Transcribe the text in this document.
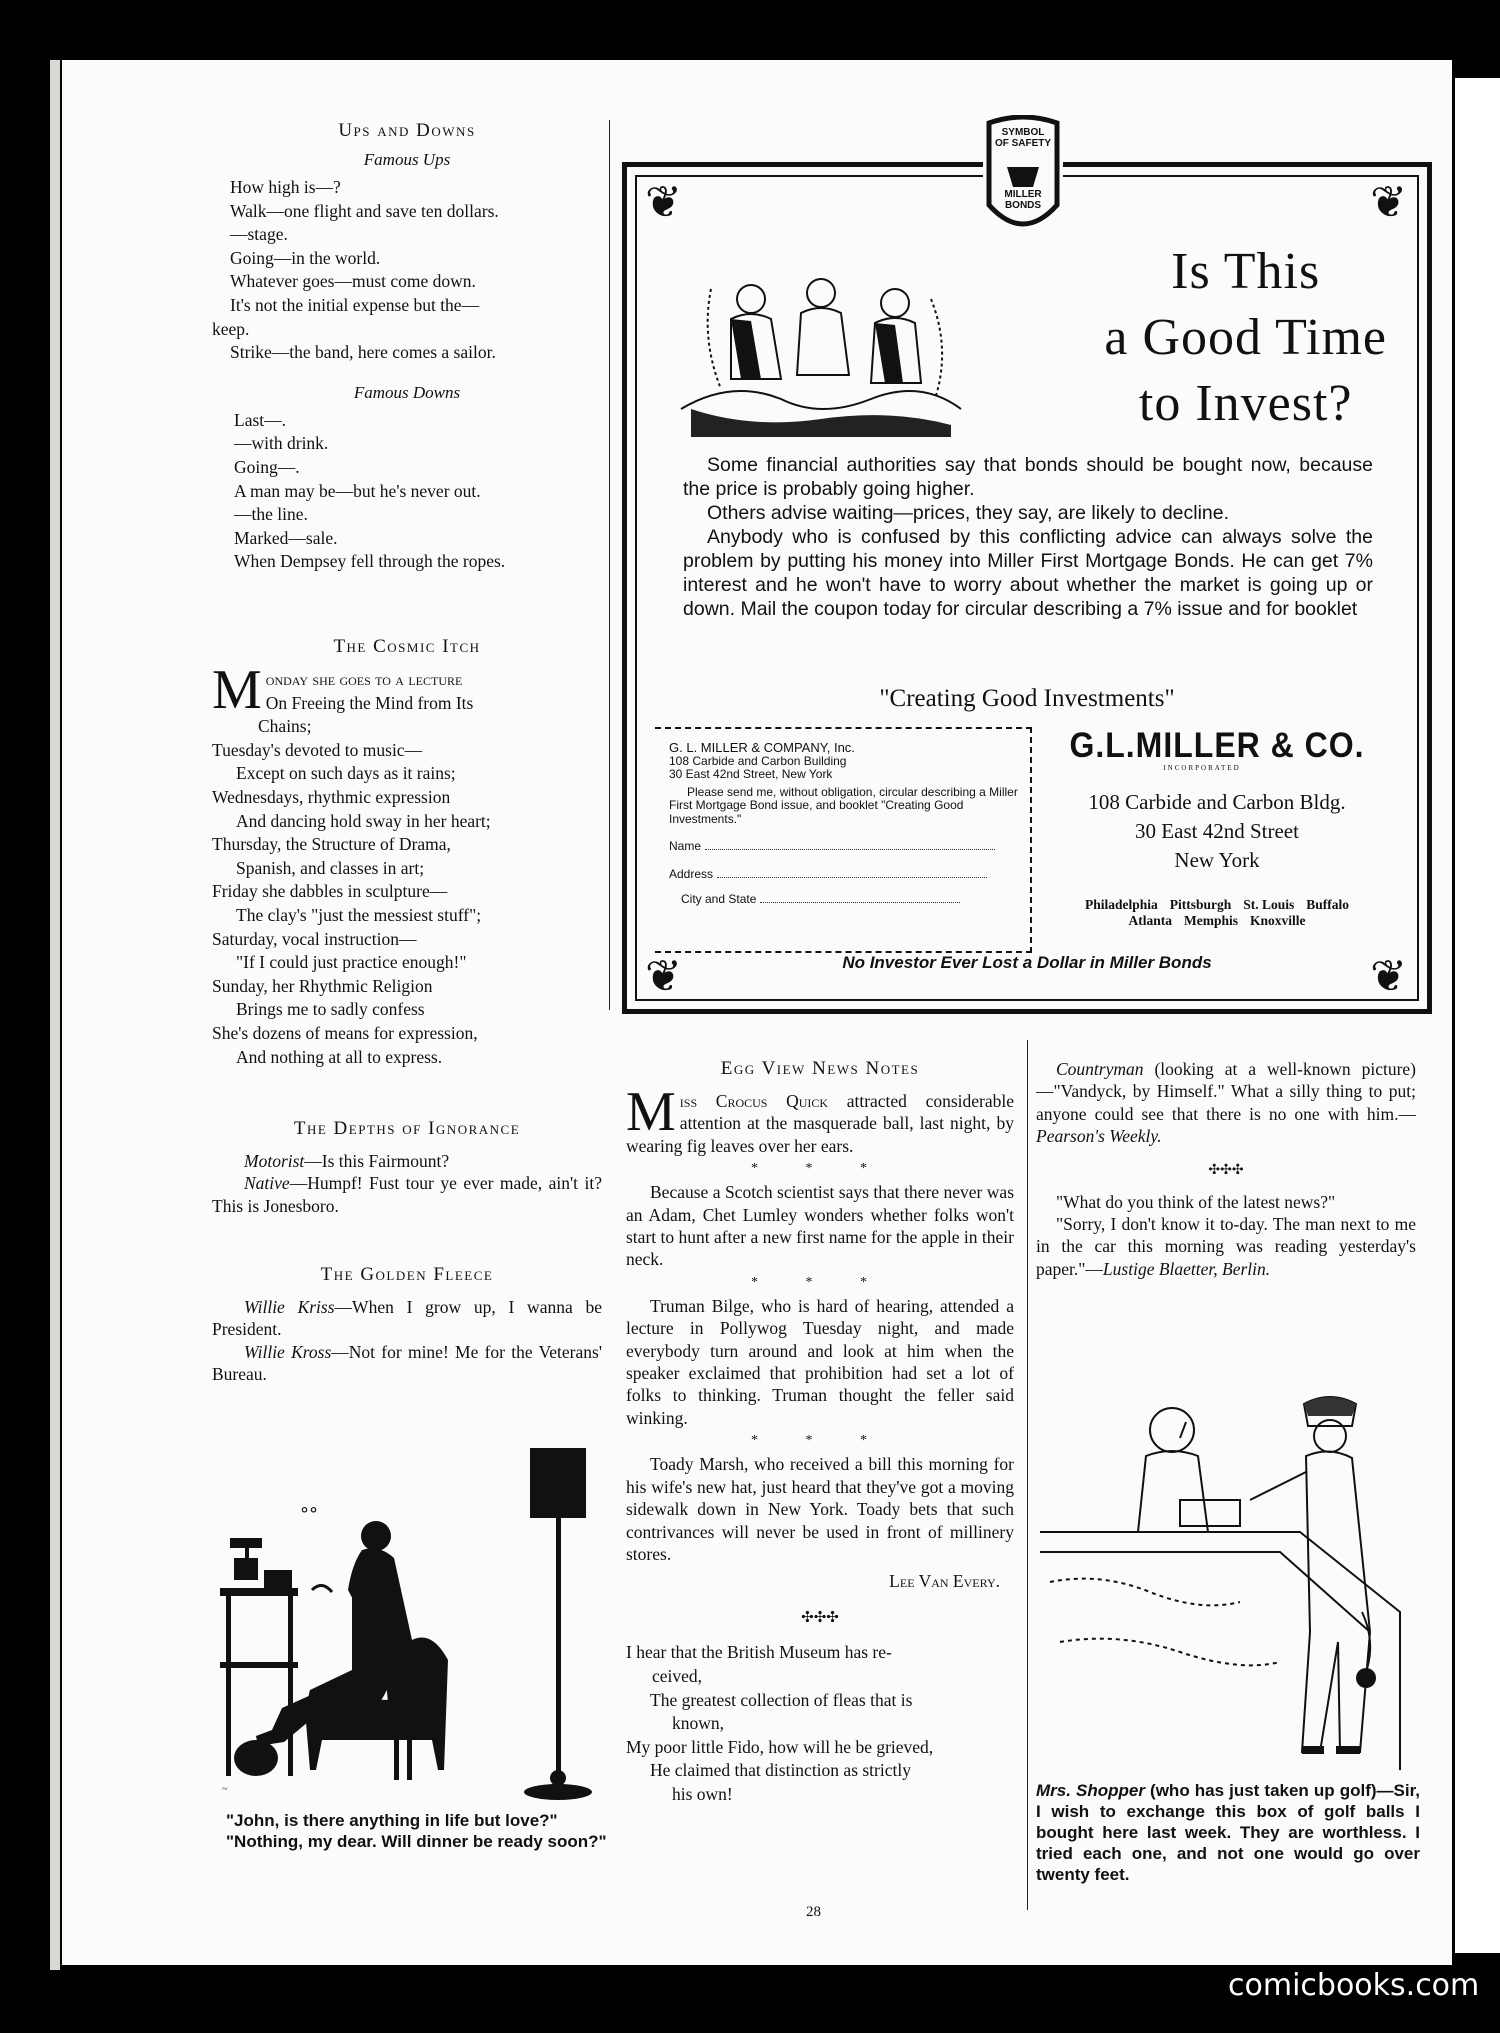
Ups and Downs
Famous Ups
How high is—?
Walk—one flight and save ten dollars.
—stage.
Going—in the world.
Whatever goes—must come down.
It's not the initial expense but the—
keep.
Strike—the band, here comes a sailor.
Famous Downs
Last—.
—with drink.
Going—.
A man may be—but he's never out.
—the line.
Marked—sale.
When Dempsey fell through the ropes.
The Cosmic Itch
Monday she goes to a lecture
On Freeing the Mind from Its
Chains;
Tuesday's devoted to music—
Except on such days as it rains;
Wednesdays, rhythmic expression
And dancing hold sway in her heart;
Thursday, the Structure of Drama,
Spanish, and classes in art;
Friday she dabbles in sculpture—
The clay's "just the messiest stuff";
Saturday, vocal instruction—
"If I could just practice enough!"
Sunday, her Rhythmic Religion
Brings me to sadly confess
She's dozens of means for expression,
And nothing at all to express.
The Depths of Ignorance
Motorist—Is this Fairmount?
Native—Humpf! Fust tour ye ever made, ain't it? This is Jonesboro.
The Golden Fleece
Willie Kriss—When I grow up, I wanna be President.
Willie Kross—Not for mine! Me for the Veterans' Bureau.
°°
~
"John, is there anything in life but love?"
"Nothing, my dear. Will dinner be ready soon?"
SYMBOL
OF SAFETY
MILLER
BONDS
❦	❦
❦	❦
Is This
a Good Time
to Invest?

Some financial authorities say that bonds should be bought now, because the price is probably going higher.

Others advise waiting—prices, they say, are likely to decline.

Anybody who is confused by this conflicting advice can always solve the problem by putting his money into Miller First Mortgage Bonds. He can get 7% interest and he won't have to worry about whether the market is going up or down. Mail the coupon today for circular describing a 7% issue and for booklet

"Creating Good Investments"
G. L. MILLER & COMPANY, Inc.
108 Carbide and Carbon Building
30 East 42nd Street, New York
Please send me, without obligation, circular describing a Miller First Mortgage Bond issue, and booklet "Creating Good Investments."
Name
Address
City and State
G.L.MILLER & CO.
INCORPORATED
108 Carbide and Carbon Bldg.
30 East 42nd Street
New York
Philadelphia Pittsburgh St. Louis Buffalo
Atlanta Memphis Knoxville
No Investor Ever Lost a Dollar in Miller Bonds
Egg View News Notes
Miss Crocus Quick attracted considerable attention at the masquerade ball, last night, by wearing fig leaves over her ears.
* * *
Because a Scotch scientist says that there never was an Adam, Chet Lumley wonders whether folks won't start to hunt after a new first name for the apple in their neck.
* * *
Truman Bilge, who is hard of hearing, attended a lecture in Pollywog Tuesday night, and made everybody turn around and look at him when the speaker exclaimed that prohibition had set a lot of folks to thinking. Truman thought the feller said winking.
* * *
Toady Marsh, who received a bill this morning for his wife's new hat, just heard that they've got a moving sidewalk down in New York. Toady bets that such contrivances will never be used in front of millinery stores.
Lee Van Every.
✣✣✣
I hear that the British Museum has re-
ceived,
The greatest collection of fleas that is
known,
My poor little Fido, how will he be grieved,
He claimed that distinction as strictly
his own!
28
Countryman (looking at a well-known picture)—"Vandyck, by Himself." What a silly thing to put; anyone could see that there is no one with him.—Pearson's Weekly.
✣✣✣
"What do you think of the latest news?"
"Sorry, I don't know it to-day. The man next to me in the car this morning was reading yesterday's paper."—Lustige Blaetter, Berlin.
Mrs. Shopper (who has just taken up golf)—Sir, I wish to exchange this box of golf balls I bought here last week. They are worthless. I tried each one, and not one would go over twenty feet.
comicbooks.com
